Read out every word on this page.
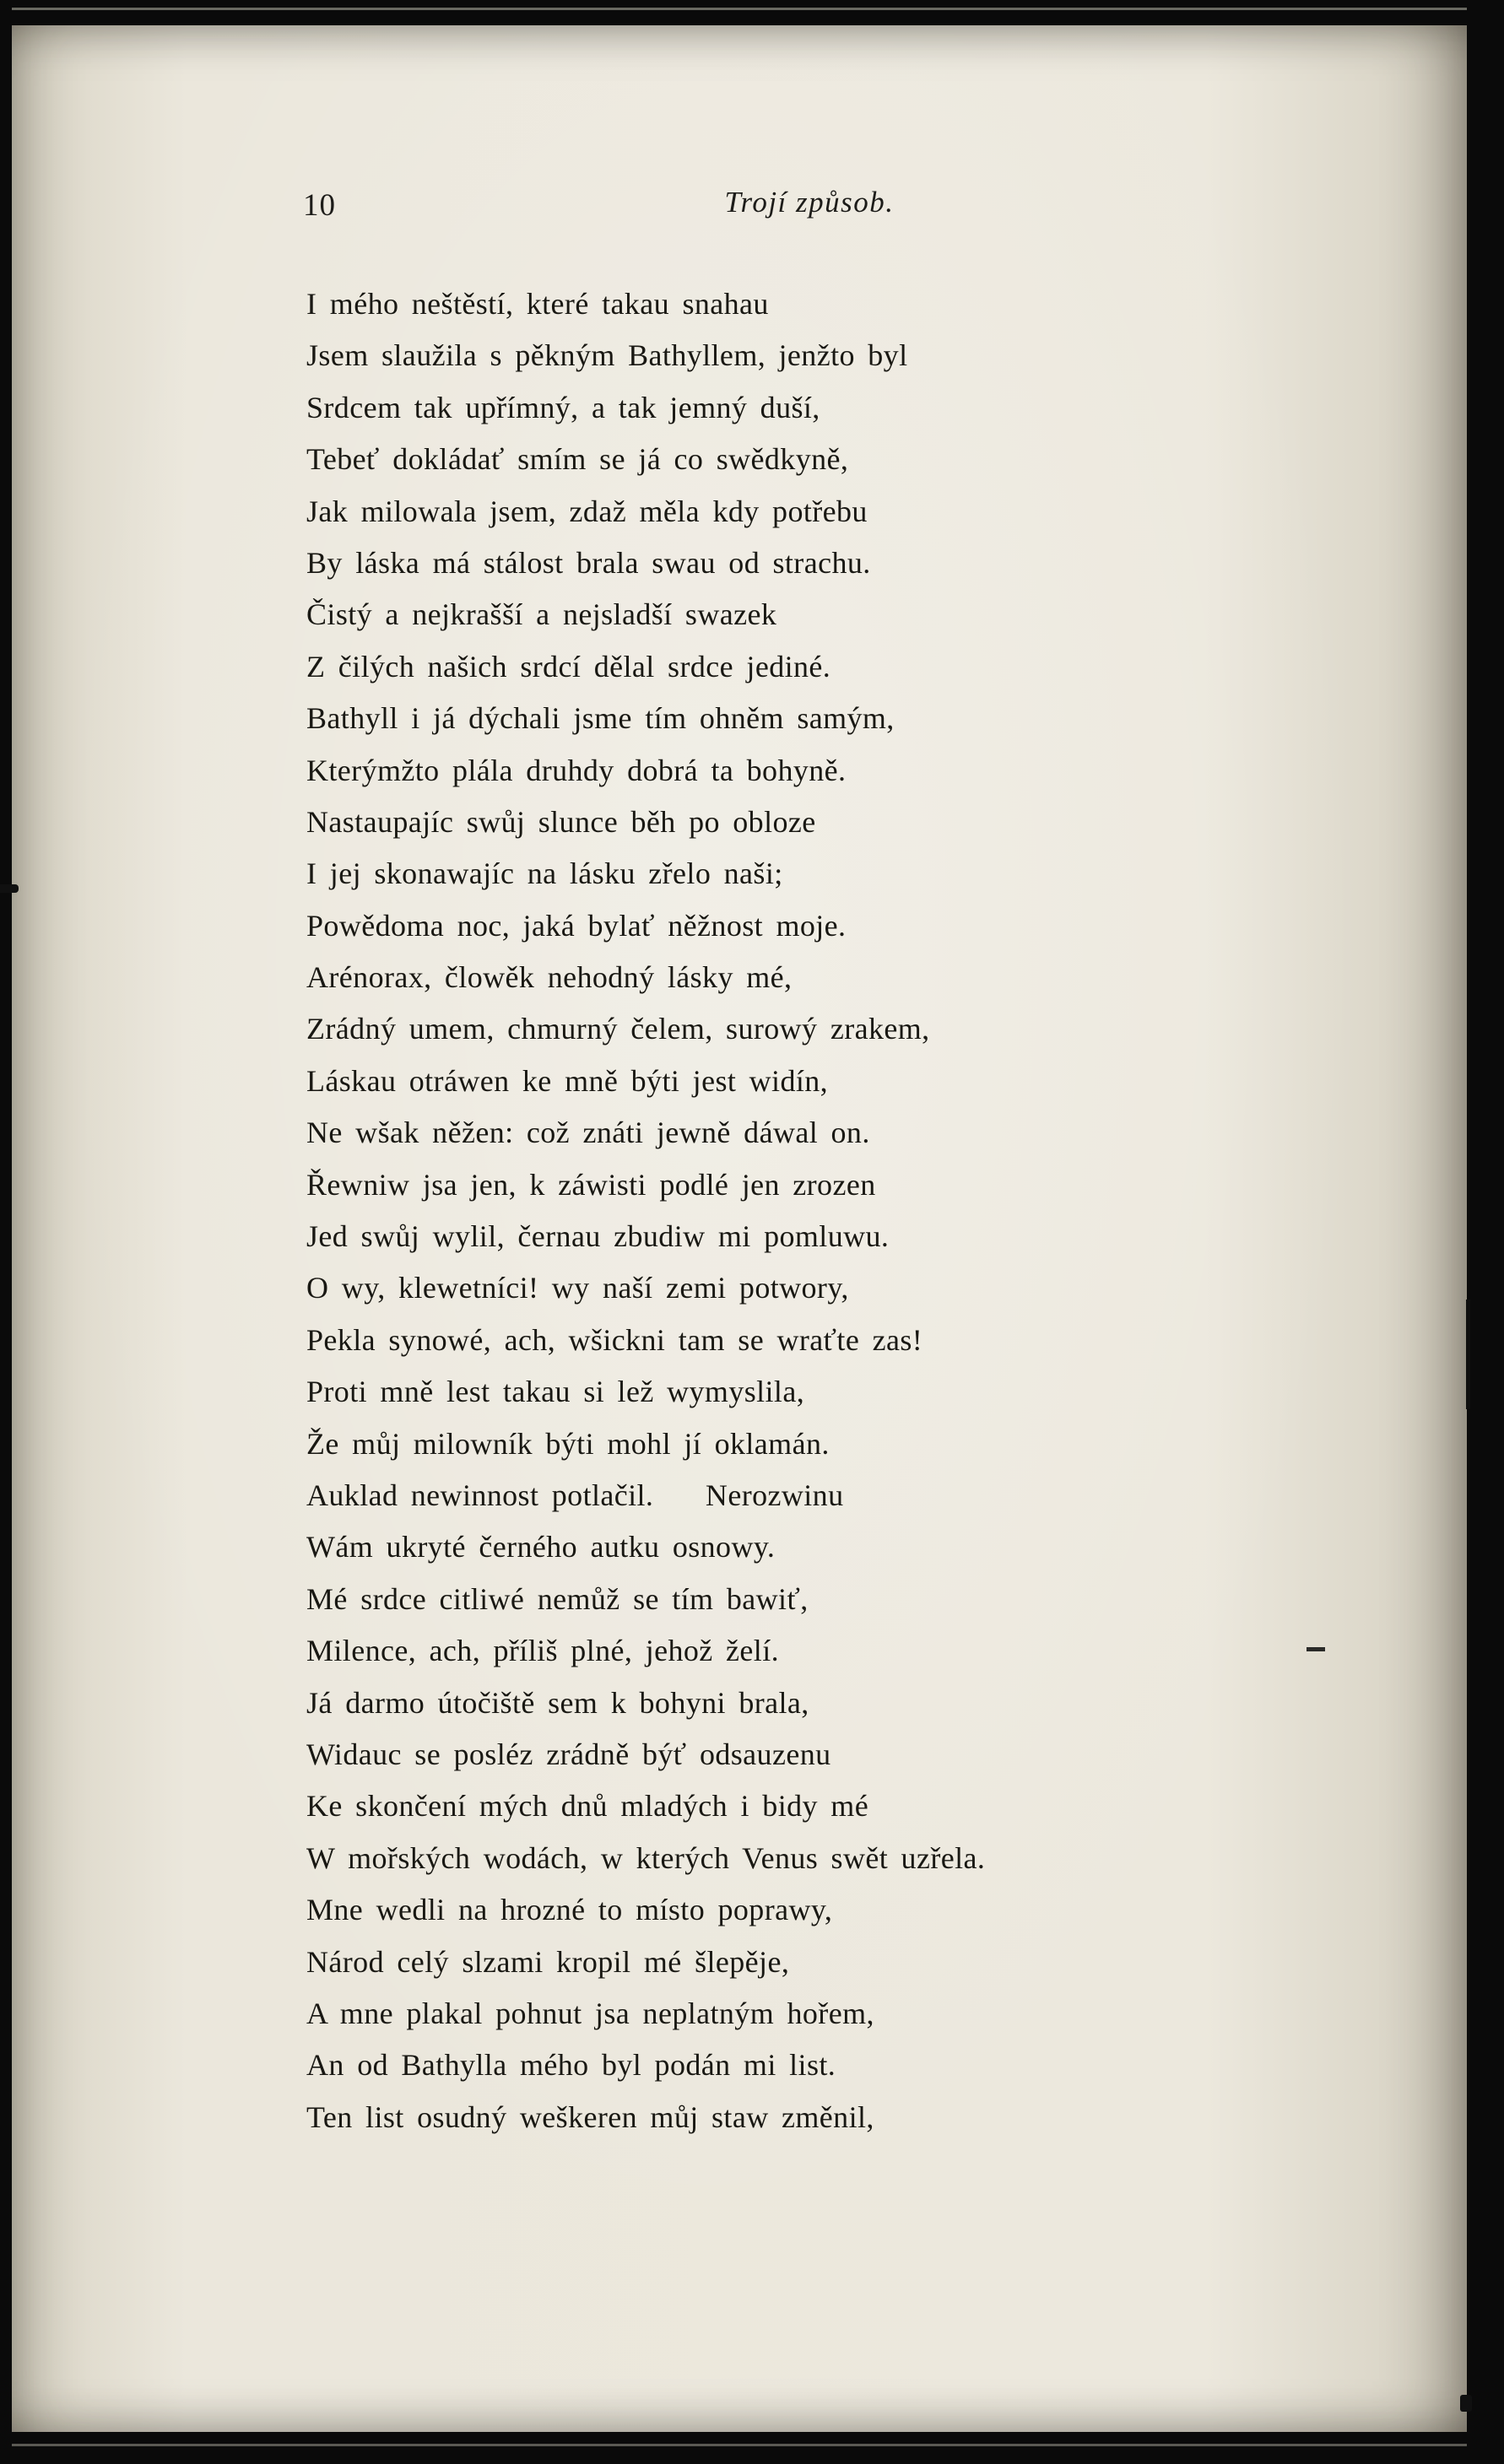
10	Trojí způsob.
I mého neštěstí, které takau snahau
Jsem slaužila s pěkným Bathyllem, jenžto byl
Srdcem tak upřímný, a tak jemný duší,
Tebeť dokládať smím se já co swědkyně,
Jak milowala jsem, zdaž měla kdy potřebu
By láska má stálost brala swau od strachu.
Čistý a nejkrašší a nejsladší swazek
Z čilých našich srdcí dělal srdce jediné.
Bathyll i já dýchali jsme tím ohněm samým,
Kterýmžto plála druhdy dobrá ta bohyně.
Nastaupajíc swůj slunce běh po obloze
I jej skonawajíc na lásku zřelo naši;
Powědoma noc, jaká bylať něžnost moje.
Arénorax, člowěk nehodný lásky mé,
Zrádný umem, chmurný čelem, surowý zrakem,
Láskau otráwen ke mně býti jest widín,
Ne wšak něžen: což znáti jewně dáwal on.
Řewniw jsa jen, k záwisti podlé jen zrozen
Jed swůj wylil, černau zbudiw mi pomluwu.
O wy, klewetníci! wy naší zemi potwory,
Pekla synowé, ach, wšickni tam se wraťte zas!
Proti mně lest takau si lež wymyslila,
Že můj milowník býti mohl jí oklamán.
Auklad newinnost potlačil.    Nerozwinu
Wám ukryté černého autku osnowy.
Mé srdce citliwé nemůž se tím bawiť,
Milence, ach, příliš plné, jehož želí.
Já darmo útočiště sem k bohyni brala,
Widauc se posléz zrádně býť odsauzenu
Ke skončení mých dnů mladých i bidy mé
W mořských wodách, w kterých Venus swět uzřela.
Mne wedli na hrozné to místo poprawy,
Národ celý slzami kropil mé šlepěje,
A mne plakal pohnut jsa neplatným hořem,
An od Bathylla mého byl podán mi list.
Ten list osudný weškeren můj staw změnil,
